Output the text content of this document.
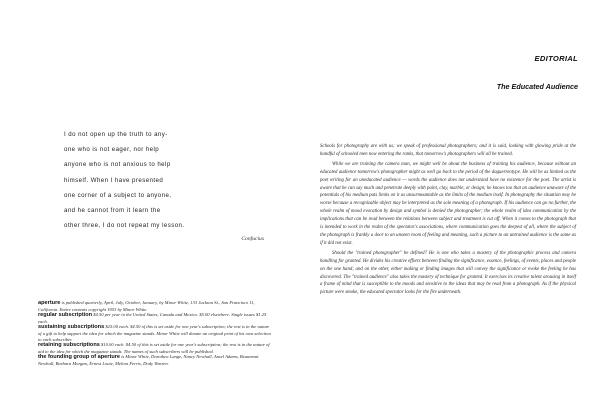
I do not open up the truth to any-
one who is not eager, nor help
anyone who is not anxious to help
himself. When I have presented
one corner of a subject to anyone,
and he cannot from it learn the
other three, I do not repeat my lesson.
Confucius

aperture is published quarterly, April, July, October, January, by Minor White, 133 Jackson St., San Francisco 11, California. Entire contents copyright 1953 by Minor White.

regular subscription $4.50 per year in the United States, Canada and Mexico. $5.00 elsewhere. Single issues $1.25 each.

sustaining subscriptions $25.00 each. $4.50 of this is set aside for one year's subscription; the rest is in the nature of a gift to help support the idea for which the magazine stands. Minor White will donate an original print of his own selection to each subscriber.

retaining subscriptions $10.00 each. $4.50 of this is set aside for one year's subscription; the rest is in the nature of aid to the idea for which the magazine stands. The names of such subscribers will be published.

the founding group of aperture is Minor White, Dorothea Lange, Nancy Newhall, Ansel Adams, Beaumont Newhall, Barbara Morgan, Ernest Louie, Melton Ferris, Dody Warren.

EDITORIAL
The Educated Audience

Schools for photography are with us; we speak of professional photographers; and it is said, looking with glowing pride at the handful of schooled men now entering the ranks, that tomorrow's photographers will all be trained.

While we are training the camera man, we might well be about the business of training his audience, because without an educated audience tomorrow's photographer might as well go back to the period of the daguerreotype. He will be as limited as the poet writing for an uneducated audience — words the audience does not understand have no existence for the poet. The artist is aware that he can say much and penetrate deeply with paint, clay, marble, or design; he knows too that an audience unaware of the potentials of his medium puts limits on it as unsurmountable as the limits of the medium itself. In photography the situation may be worse because a recognizable object may be interpreted as the sole meaning of a photograph. If his audience can go no further, the whole realm of mood evocation by design and symbol is denied the photographer; the whole realm of idea communication by the implications that can be read between the relations between subject and treatment is cut off. When it comes to the photograph that is intended to work in the realm of the spectator's associations, where communication goes the deepest of all, where the subject of the photograph is frankly a door to an unseen room of feeling and meaning, such a picture to an untrained audience is the same as if it did not exist.

Should the "trained photographer" be defined? He is one who takes a mastery of the photographic process and camera handling for granted. He divides his creative efforts between finding the significance, essence, feelings, of events, places and people on the one hand; and on the other, either making or finding images that will convey the significance or evoke the feeling he has discovered. The "trained audience" also takes the mastery of technique for granted. It exercises its creative talent arousing in itself a frame of mind that is susceptible to the moods and sensitive to the ideas that may be read from a photograph. As if the physical picture were smoke, the educated spectator looks for the fire underneath.
